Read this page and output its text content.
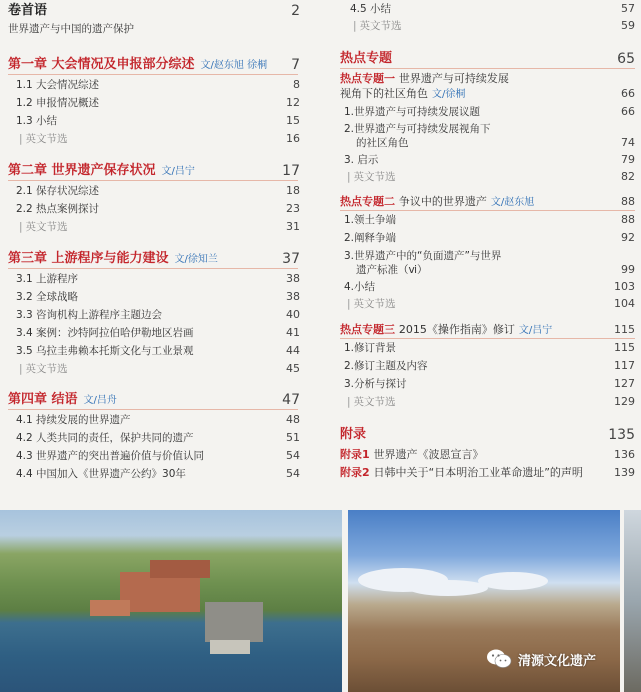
卷首语	2
世界遗产与中国的遗产保护
第一章 大会情况及申报部分综述 文/赵东旭 徐桐 7
1.1 大会情况综述	8
1.2 申报情况概述	12
1.3 小结	15
| 英文节选	16
第二章 世界遗产保存状况 文/吕宁	17
2.1 保存状况综述	18
2.2 热点案例探讨	23
| 英文节选	31
第三章 上游程序与能力建设 文/徐知兰	37
3.1 上游程序	38
3.2 全球战略	38
3.3 咨询机构上游程序主题边会	40
3.4 案例：沙特阿拉伯哈伊勒地区岩画	41
3.5 乌拉圭弗赖本托斯文化与工业景观	44
| 英文节选	45
第四章 结语 文/吕舟	47
4.1 持续发展的世界遗产	48
4.2 人类共同的责任，保护共同的遗产	51
4.3 世界遗产的突出普遍价值与价值认同	54
4.4 中国加入《世界遗产公约》30年	54
4.5 小结	57
| 英文节选	59
热点专题	65
热点专题一 世界遗产与可持续发展
视角下的社区角色 文/徐桐	66
1.世界遗产与可持续发展议题	66
2.世界遗产与可持续发展视角下
的社区角色	74
3. 启示	79
| 英文节选	82
热点专题二 争议中的世界遗产 文/赵东旭	88
1.领土争端	88
2.阐释争端	92
3.世界遗产中的“负面遗产”与世界
遗产标准（ⅵ）	99
4.小结	103
| 英文节选	104
热点专题三 2015《操作指南》修订 文/吕宁	115
1.修订背景	115
2.修订主题及内容	117
3.分析与探讨	127
| 英文节选	129
附录	135
附录1 世界遗产《波恩宣言》	136
附录2 日韩中关于“日本明治工业革命遗址”的声明	139
清源文化遗产
